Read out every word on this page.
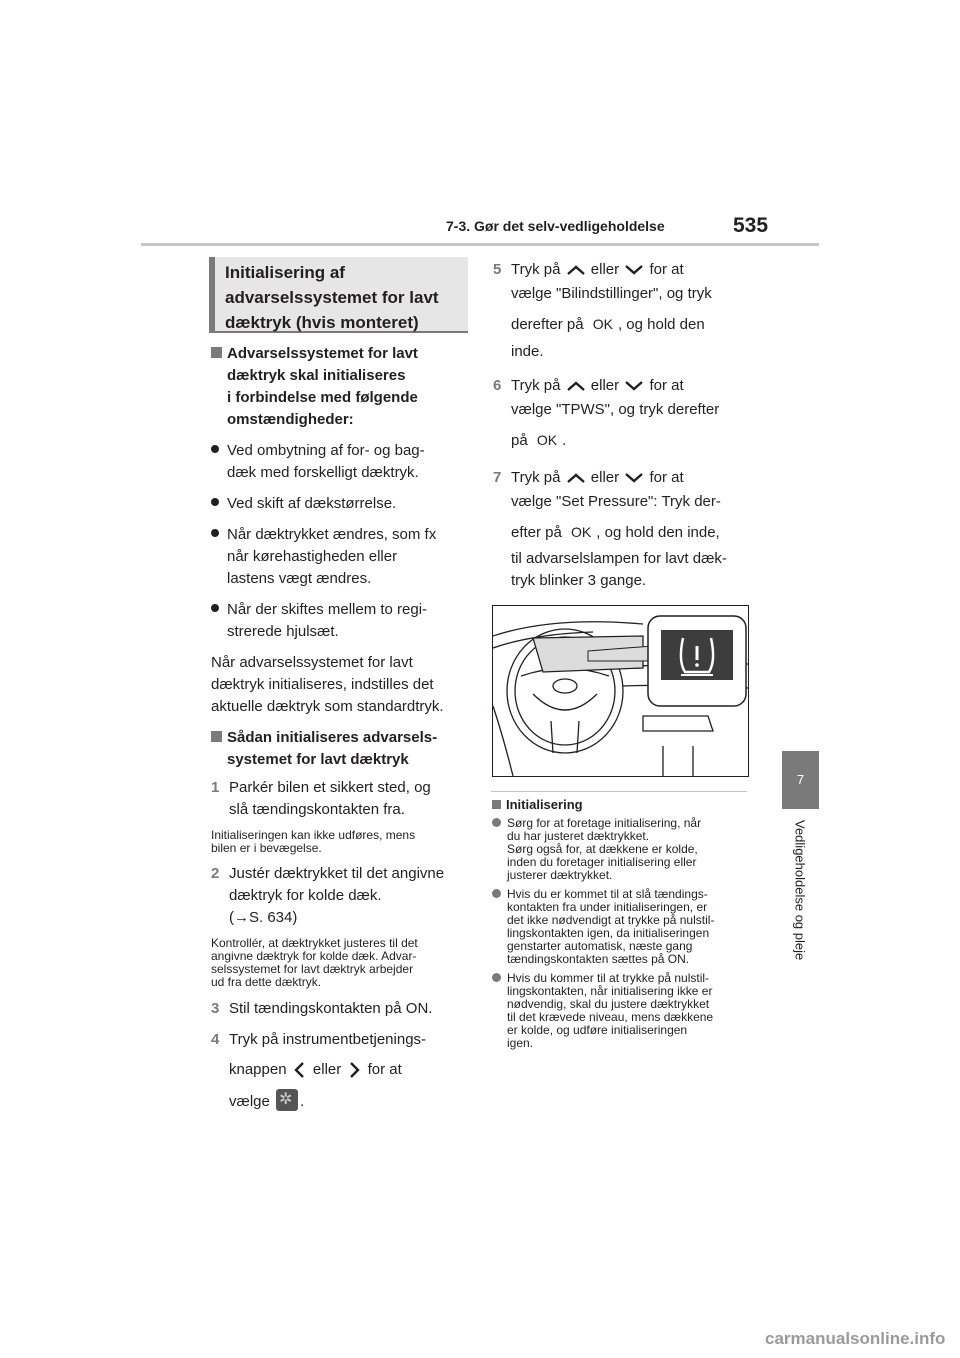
7-3. Gør det selv-vedligeholdelse	535
7
Vedligeholdelse og pleje
Initialisering af
advarselssystemet for lavt
dæktryk (hvis monteret)
Advarselssystemet for lavt
dæktryk skal initialiseres
i forbindelse med følgende
omstændigheder:
Ved ombytning af for- og bag-
dæk med forskelligt dæktryk.
Ved skift af dækstørrelse.
Når dæktrykket ændres, som fx
når kørehastigheden eller
lastens vægt ændres.
Når der skiftes mellem to regi-
strerede hjulsæt.
Når advarselssystemet for lavt
dæktryk initialiseres, indstilles det
aktuelle dæktryk som standardtryk.
Sådan initialiseres advarsels-
systemet for lavt dæktryk
1 Parkér bilen et sikkert sted, og
slå tændingskontakten fra.
Initialiseringen kan ikke udføres, mens
bilen er i bevægelse.
2 Justér dæktrykket til det angivne
dæktryk for kolde dæk.
(→S. 634)
Kontrollér, at dæktrykket justeres til det
angivne dæktryk for kolde dæk. Advar-
selssystemet for lavt dæktryk arbejder
ud fra dette dæktryk.
3 Stil tændingskontakten på ON.
4 Tryk på instrumentbetjenings-
knappen eller for at
vælge ✲ .
5 Tryk på eller for at
vælge "Bilindstillinger", og tryk
derefter på OK , og hold den
inde.
6 Tryk på eller for at
vælge "TPWS", og tryk derefter
på OK .
7 Tryk på eller for at
vælge "Set Pressure": Tryk der-
efter på OK , og hold den inde,
til advarselslampen for lavt dæk-
tryk blinker 3 gange.
Initialisering
Sørg for at foretage initialisering, når
du har justeret dæktrykket.
Sørg også for, at dækkene er kolde,
inden du foretager initialisering eller
justerer dæktrykket.
Hvis du er kommet til at slå tændings-
kontakten fra under initialiseringen, er
det ikke nødvendigt at trykke på nulstil-
lingskontakten igen, da initialiseringen
genstarter automatisk, næste gang
tændingskontakten sættes på ON.
Hvis du kommer til at trykke på nulstil-
lingskontakten, når initialisering ikke er
nødvendig, skal du justere dæktrykket
til det krævede niveau, mens dækkene
er kolde, og udføre initialiseringen
igen.
carmanualsonline.info
